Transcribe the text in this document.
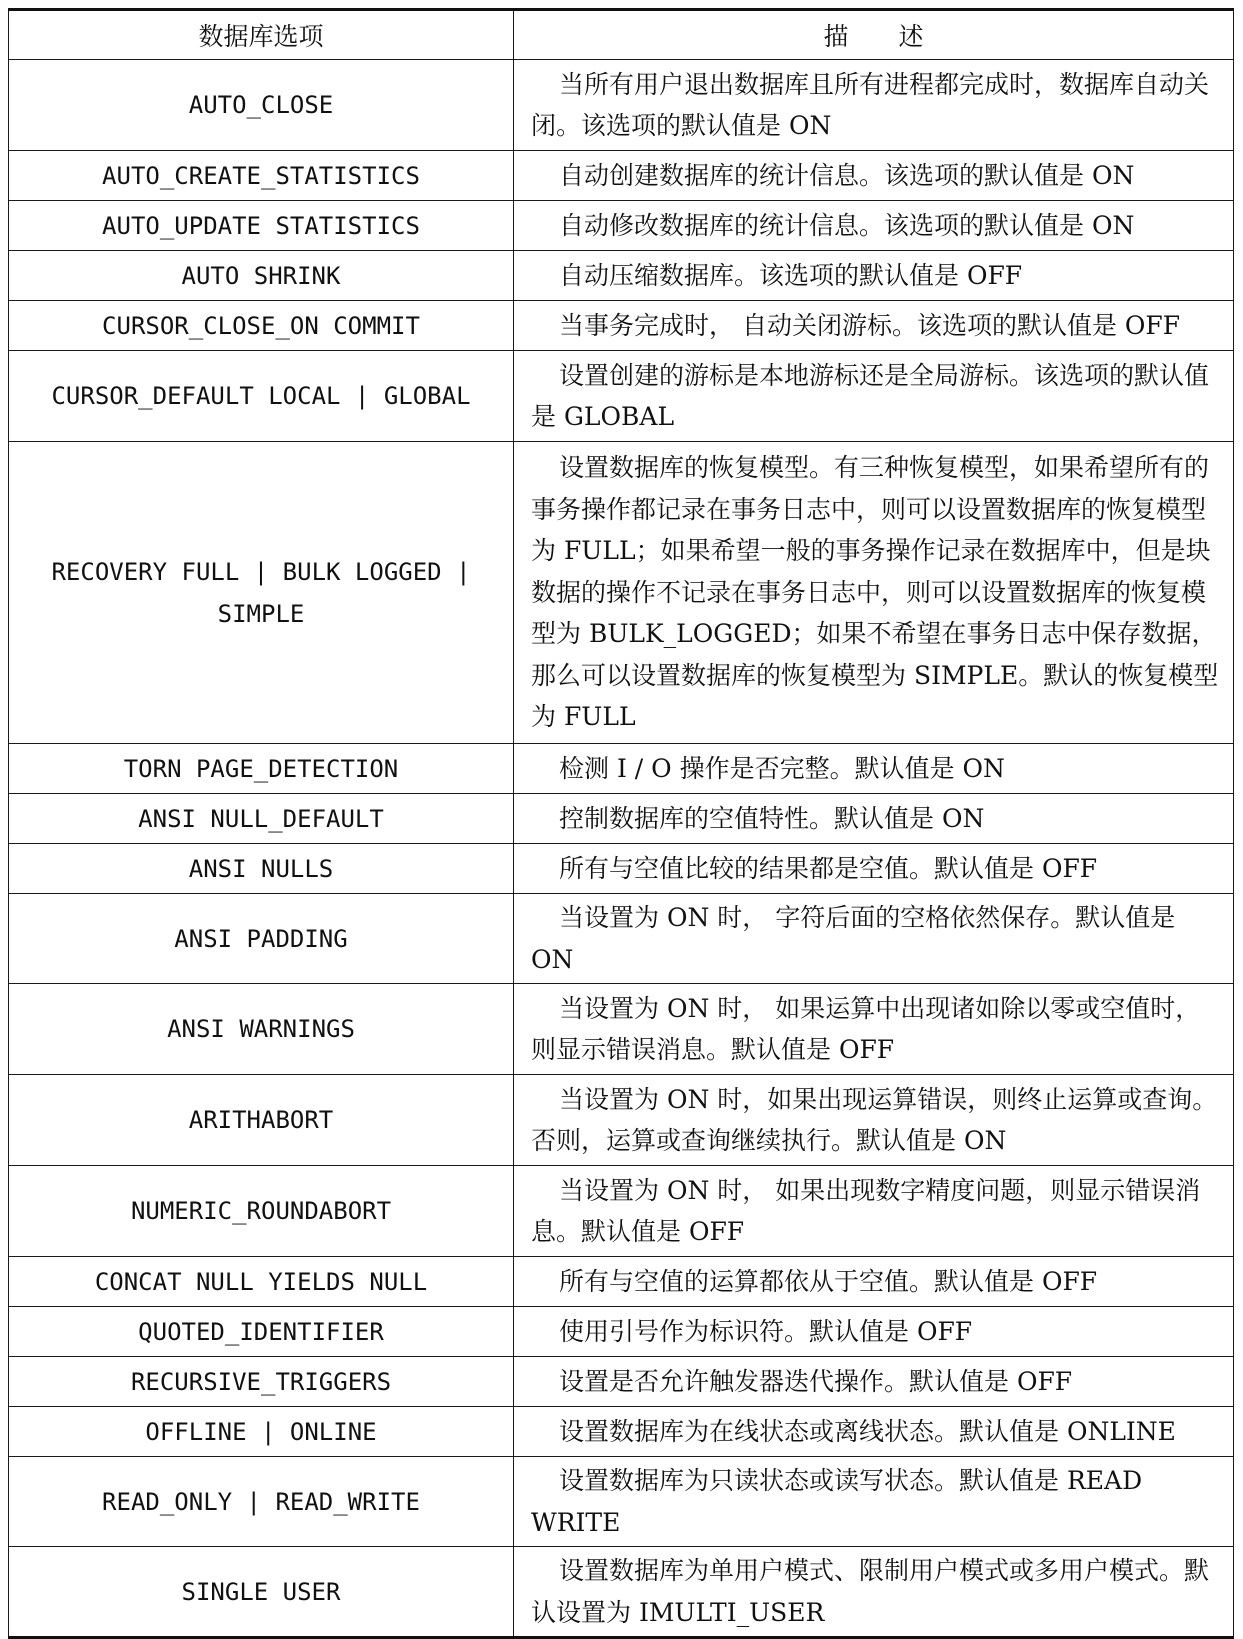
数据库选项	描　　述
AUTO_CLOSE	当所有用户退出数据库且所有进程都完成时，数据库自动关闭。该选项的默认值是 ON
AUTO_CREATE_STATISTICS	自动创建数据库的统计信息。该选项的默认值是 ON
AUTO_UPDATE STATISTICS	自动修改数据库的统计信息。该选项的默认值是 ON
AUTO SHRINK	自动压缩数据库。该选项的默认值是 OFF
CURSOR_CLOSE_ON COMMIT	当事务完成时， 自动关闭游标。该选项的默认值是 OFF
CURSOR_DEFAULT LOCAL | GLOBAL	设置创建的游标是本地游标还是全局游标。该选项的默认值是 GLOBAL
RECOVERY FULL | BULK LOGGED | SIMPLE	设置数据库的恢复模型。有三种恢复模型，如果希望所有的事务操作都记录在事务日志中，则可以设置数据库的恢复模型为 FULL；如果希望一般的事务操作记录在数据库中，但是块数据的操作不记录在事务日志中，则可以设置数据库的恢复模型为 BULK_LOGGED；如果不希望在事务日志中保存数据，那么可以设置数据库的恢复模型为 SIMPLE。默认的恢复模型为 FULL
TORN PAGE_DETECTION	检测 I / O 操作是否完整。默认值是 ON
ANSI NULL_DEFAULT	控制数据库的空值特性。默认值是 ON
ANSI NULLS	所有与空值比较的结果都是空值。默认值是 OFF
ANSI PADDING	当设置为 ON 时， 字符后面的空格依然保存。默认值是 ON
ANSI WARNINGS	当设置为 ON 时， 如果运算中出现诸如除以零或空值时，则显示错误消息。默认值是 OFF
ARITHABORT	当设置为 ON 时，如果出现运算错误，则终止运算或查询。否则，运算或查询继续执行。默认值是 ON
NUMERIC_ROUNDABORT	当设置为 ON 时， 如果出现数字精度问题，则显示错误消息。默认值是 OFF
CONCAT NULL YIELDS NULL	所有与空值的运算都依从于空值。默认值是 OFF
QUOTED_IDENTIFIER	使用引号作为标识符。默认值是 OFF
RECURSIVE_TRIGGERS	设置是否允许触发器迭代操作。默认值是 OFF
OFFLINE | ONLINE	设置数据库为在线状态或离线状态。默认值是 ONLINE
READ_ONLY | READ_WRITE	设置数据库为只读状态或读写状态。默认值是 READ WRITE
SINGLE USER	设置数据库为单用户模式、限制用户模式或多用户模式。默认设置为 IMULTI_USER
